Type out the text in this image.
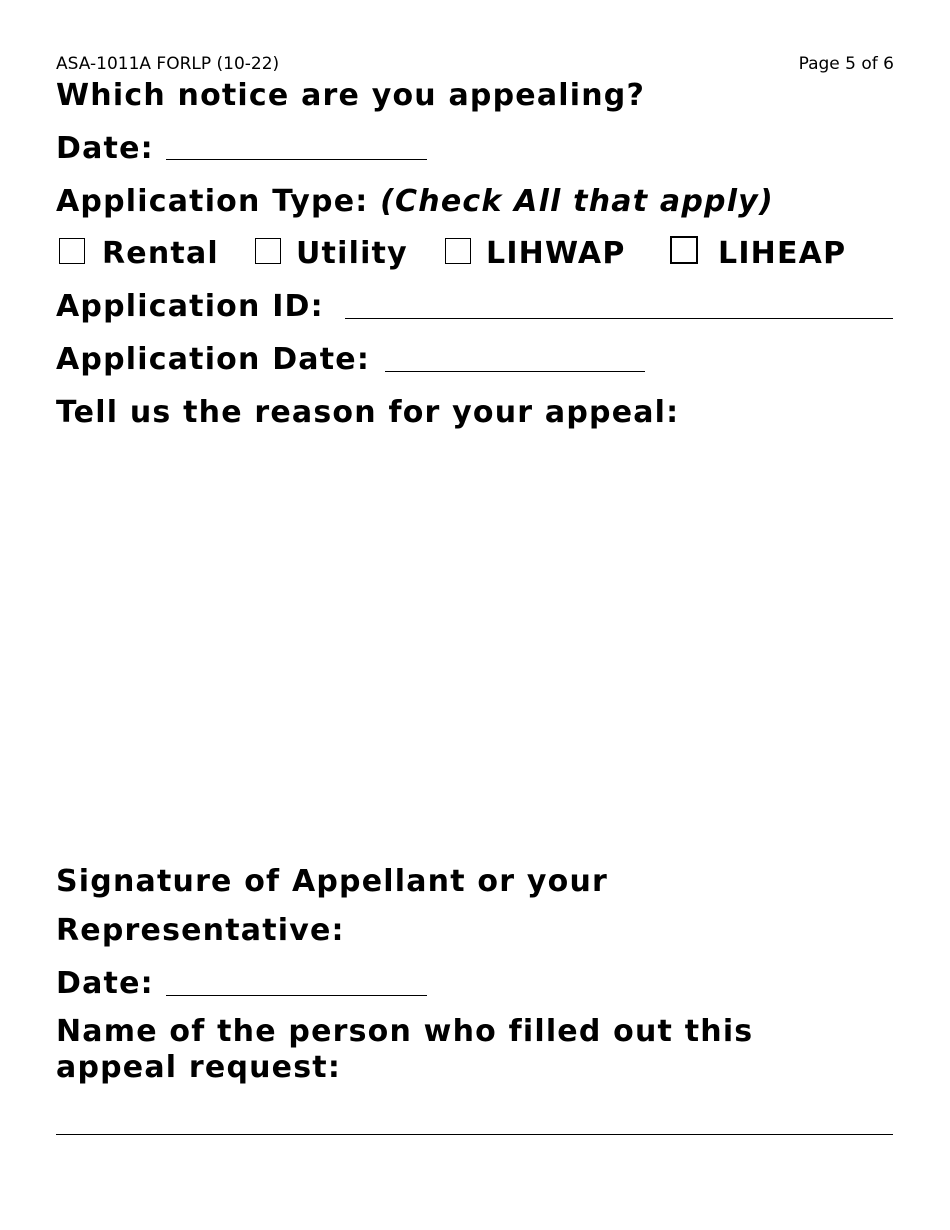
ASA-1011A FORLP (10-22)	Page 5 of 6
Which notice are you appealing?
Date:
Application Type: (Check All that apply)
Rental	Utility	LIHWAP	LIHEAP
Application ID:
Application Date:
Tell us the reason for your appeal:
Signature of Appellant or your
Representative:
Date:
Name of the person who filled out this
appeal request:
